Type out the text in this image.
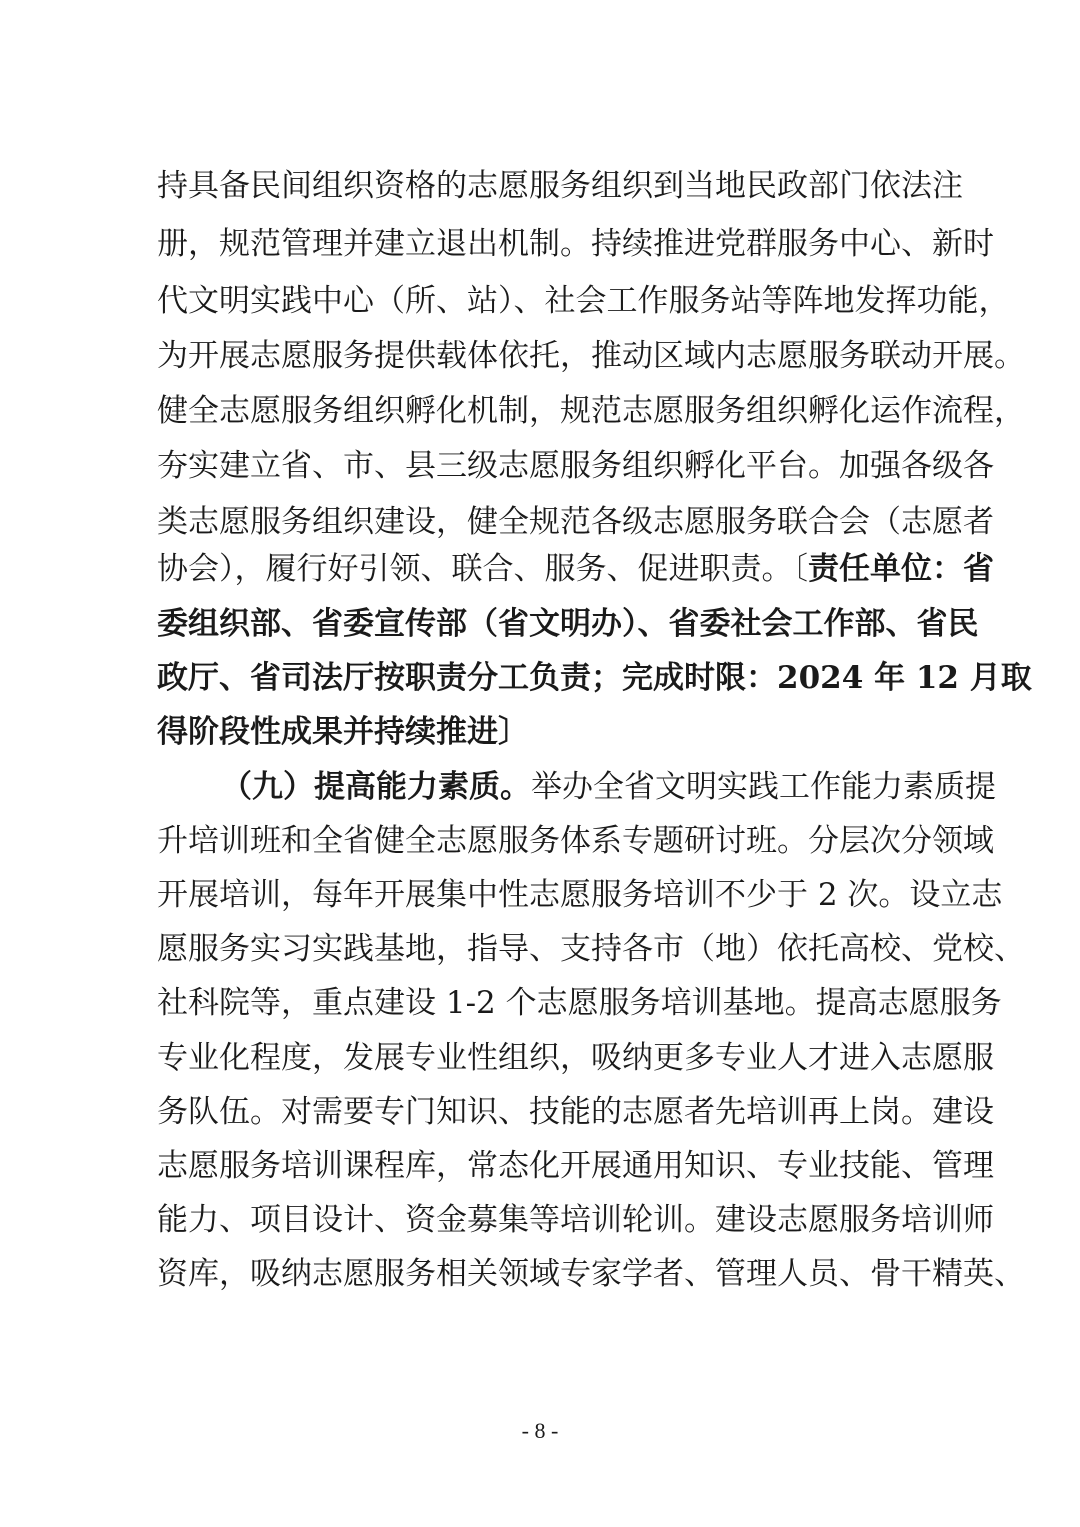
持具备民间组织资格的志愿服务组织到当地民政部门依法注
册，规范管理并建立退出机制。持续推进党群服务中心、新时
代文明实践中心（所、站）、社会工作服务站等阵地发挥功能，
为开展志愿服务提供载体依托，推动区域内志愿服务联动开展。
健全志愿服务组织孵化机制，规范志愿服务组织孵化运作流程，
夯实建立省、市、县三级志愿服务组织孵化平台。加强各级各
类志愿服务组织建设，健全规范各级志愿服务联合会（志愿者
协会），履行好引领、联合、服务、促进职责。〔责任单位：省
委组织部、省委宣传部（省文明办）、省委社会工作部、省民
政厅、省司法厅按职责分工负责；完成时限：2024 年 12 月取
得阶段性成果并持续推进〕
（九）提高能力素质。举办全省文明实践工作能力素质提
升培训班和全省健全志愿服务体系专题研讨班。分层次分领域
开展培训，每年开展集中性志愿服务培训不少于 2 次。设立志
愿服务实习实践基地，指导、支持各市（地）依托高校、党校、
社科院等，重点建设 1-2 个志愿服务培训基地。提高志愿服务
专业化程度，发展专业性组织，吸纳更多专业人才进入志愿服
务队伍。对需要专门知识、技能的志愿者先培训再上岗。建设
志愿服务培训课程库，常态化开展通用知识、专业技能、管理
能力、项目设计、资金募集等培训轮训。建设志愿服务培训师
资库，吸纳志愿服务相关领域专家学者、管理人员、骨干精英、
- 8 -
